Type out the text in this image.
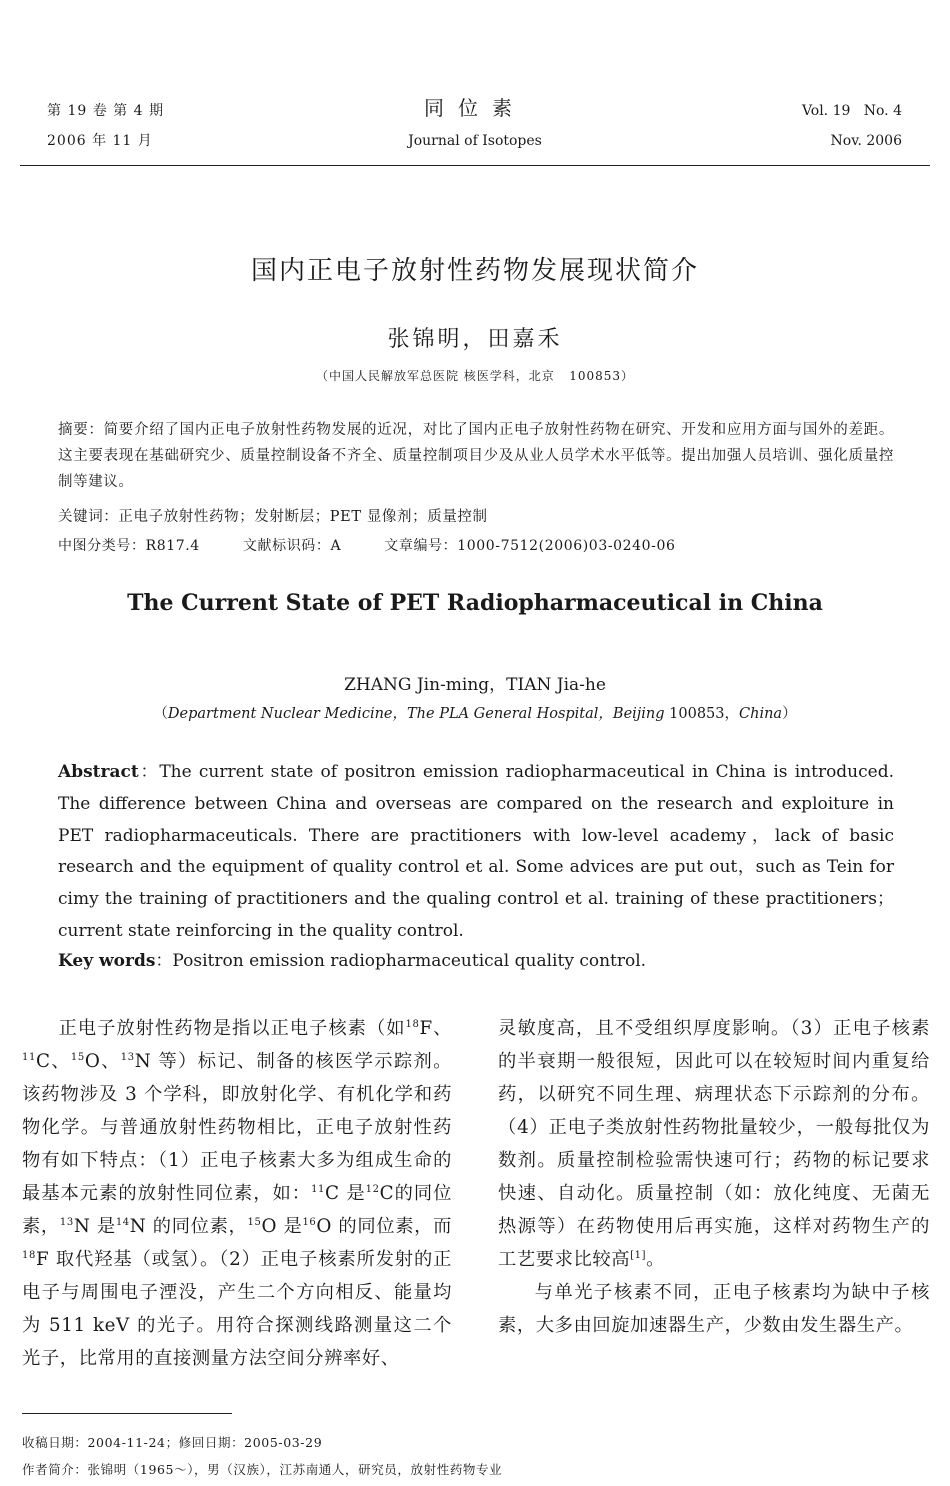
第 19 卷 第 4 期
2006 年 11 月
同位素
Journal of Isotopes
Vol. 19   No. 4
Nov. 2006
国内正电子放射性药物发展现状简介
张锦明，田嘉禾
（中国人民解放军总医院 核医学科，北京   100853）
摘要：简要介绍了国内正电子放射性药物发展的近况，对比了国内正电子放射性药物在研究、开发和应用方面与国外的差距。这主要表现在基础研究少、质量控制设备不齐全、质量控制项目少及从业人员学术水平低等。提出加强人员培训、强化质量控制等建议。
关键词：正电子放射性药物；发射断层；PET 显像剂；质量控制
中图分类号：R817.4	文献标识码：A	文章编号：1000-7512(2006)03-0240-06
The Current State of PET Radiopharmaceutical in China
ZHANG Jin-ming，TIAN Jia-he
（Department Nuclear Medicine，The PLA General Hospital，Beijing 100853，China）
Abstract：The current state of positron emission radiopharmaceutical in China is introduced. The difference between China and overseas are compared on the research and exploiture in PET radiopharmaceuticals. There are practitioners with low-level academy，lack of basic research and the equipment of quality control et al. Some advices are put out，such as Tein for cimy the training of practitioners and the qualing control et al. training of these practitioners；current state reinforcing in the quality control.
Key words：Positron emission radiopharmaceutical quality control.

正电子放射性药物是指以正电子核素（如$^{18}$F、$^{11}$C、$^{15}$O、$^{13}$N 等）标记、制备的核医学示踪剂。该药物涉及 3 个学科，即放射化学、有机化学和药物化学。与普通放射性药物相比，正电子放射性药物有如下特点：（1）正电子核素大多为组成生命的最基本元素的放射性同位素，如：$^{11}$C 是$^{12}$C的同位素，$^{13}$N 是$^{14}$N 的同位素，$^{15}$O 是$^{16}$O 的同位素，而$^{18}$F 取代羟基（或氢）。（2）正电子核素所发射的正电子与周围电子湮没，产生二个方向相反、能量均为 511 keV 的光子。用符合探测线路测量这二个光子，比常用的直接测量方法空间分辨率好、

灵敏度高，且不受组织厚度影响。（3）正电子核素的半衰期一般很短，因此可以在较短时间内重复给药，以研究不同生理、病理状态下示踪剂的分布。（4）正电子类放射性药物批量较少，一般每批仅为数剂。质量控制检验需快速可行；药物的标记要求快速、自动化。质量控制（如：放化纯度、无菌无热源等）在药物使用后再实施，这样对药物生产的工艺要求比较高[1]。

与单光子核素不同，正电子核素均为缺中子核素，大多由回旋加速器生产，少数由发生器生产。

收稿日期：2004-11-24；修回日期：2005-03-29
作者简介：张锦明（1965～），男（汉族），江苏南通人，研究员，放射性药物专业
